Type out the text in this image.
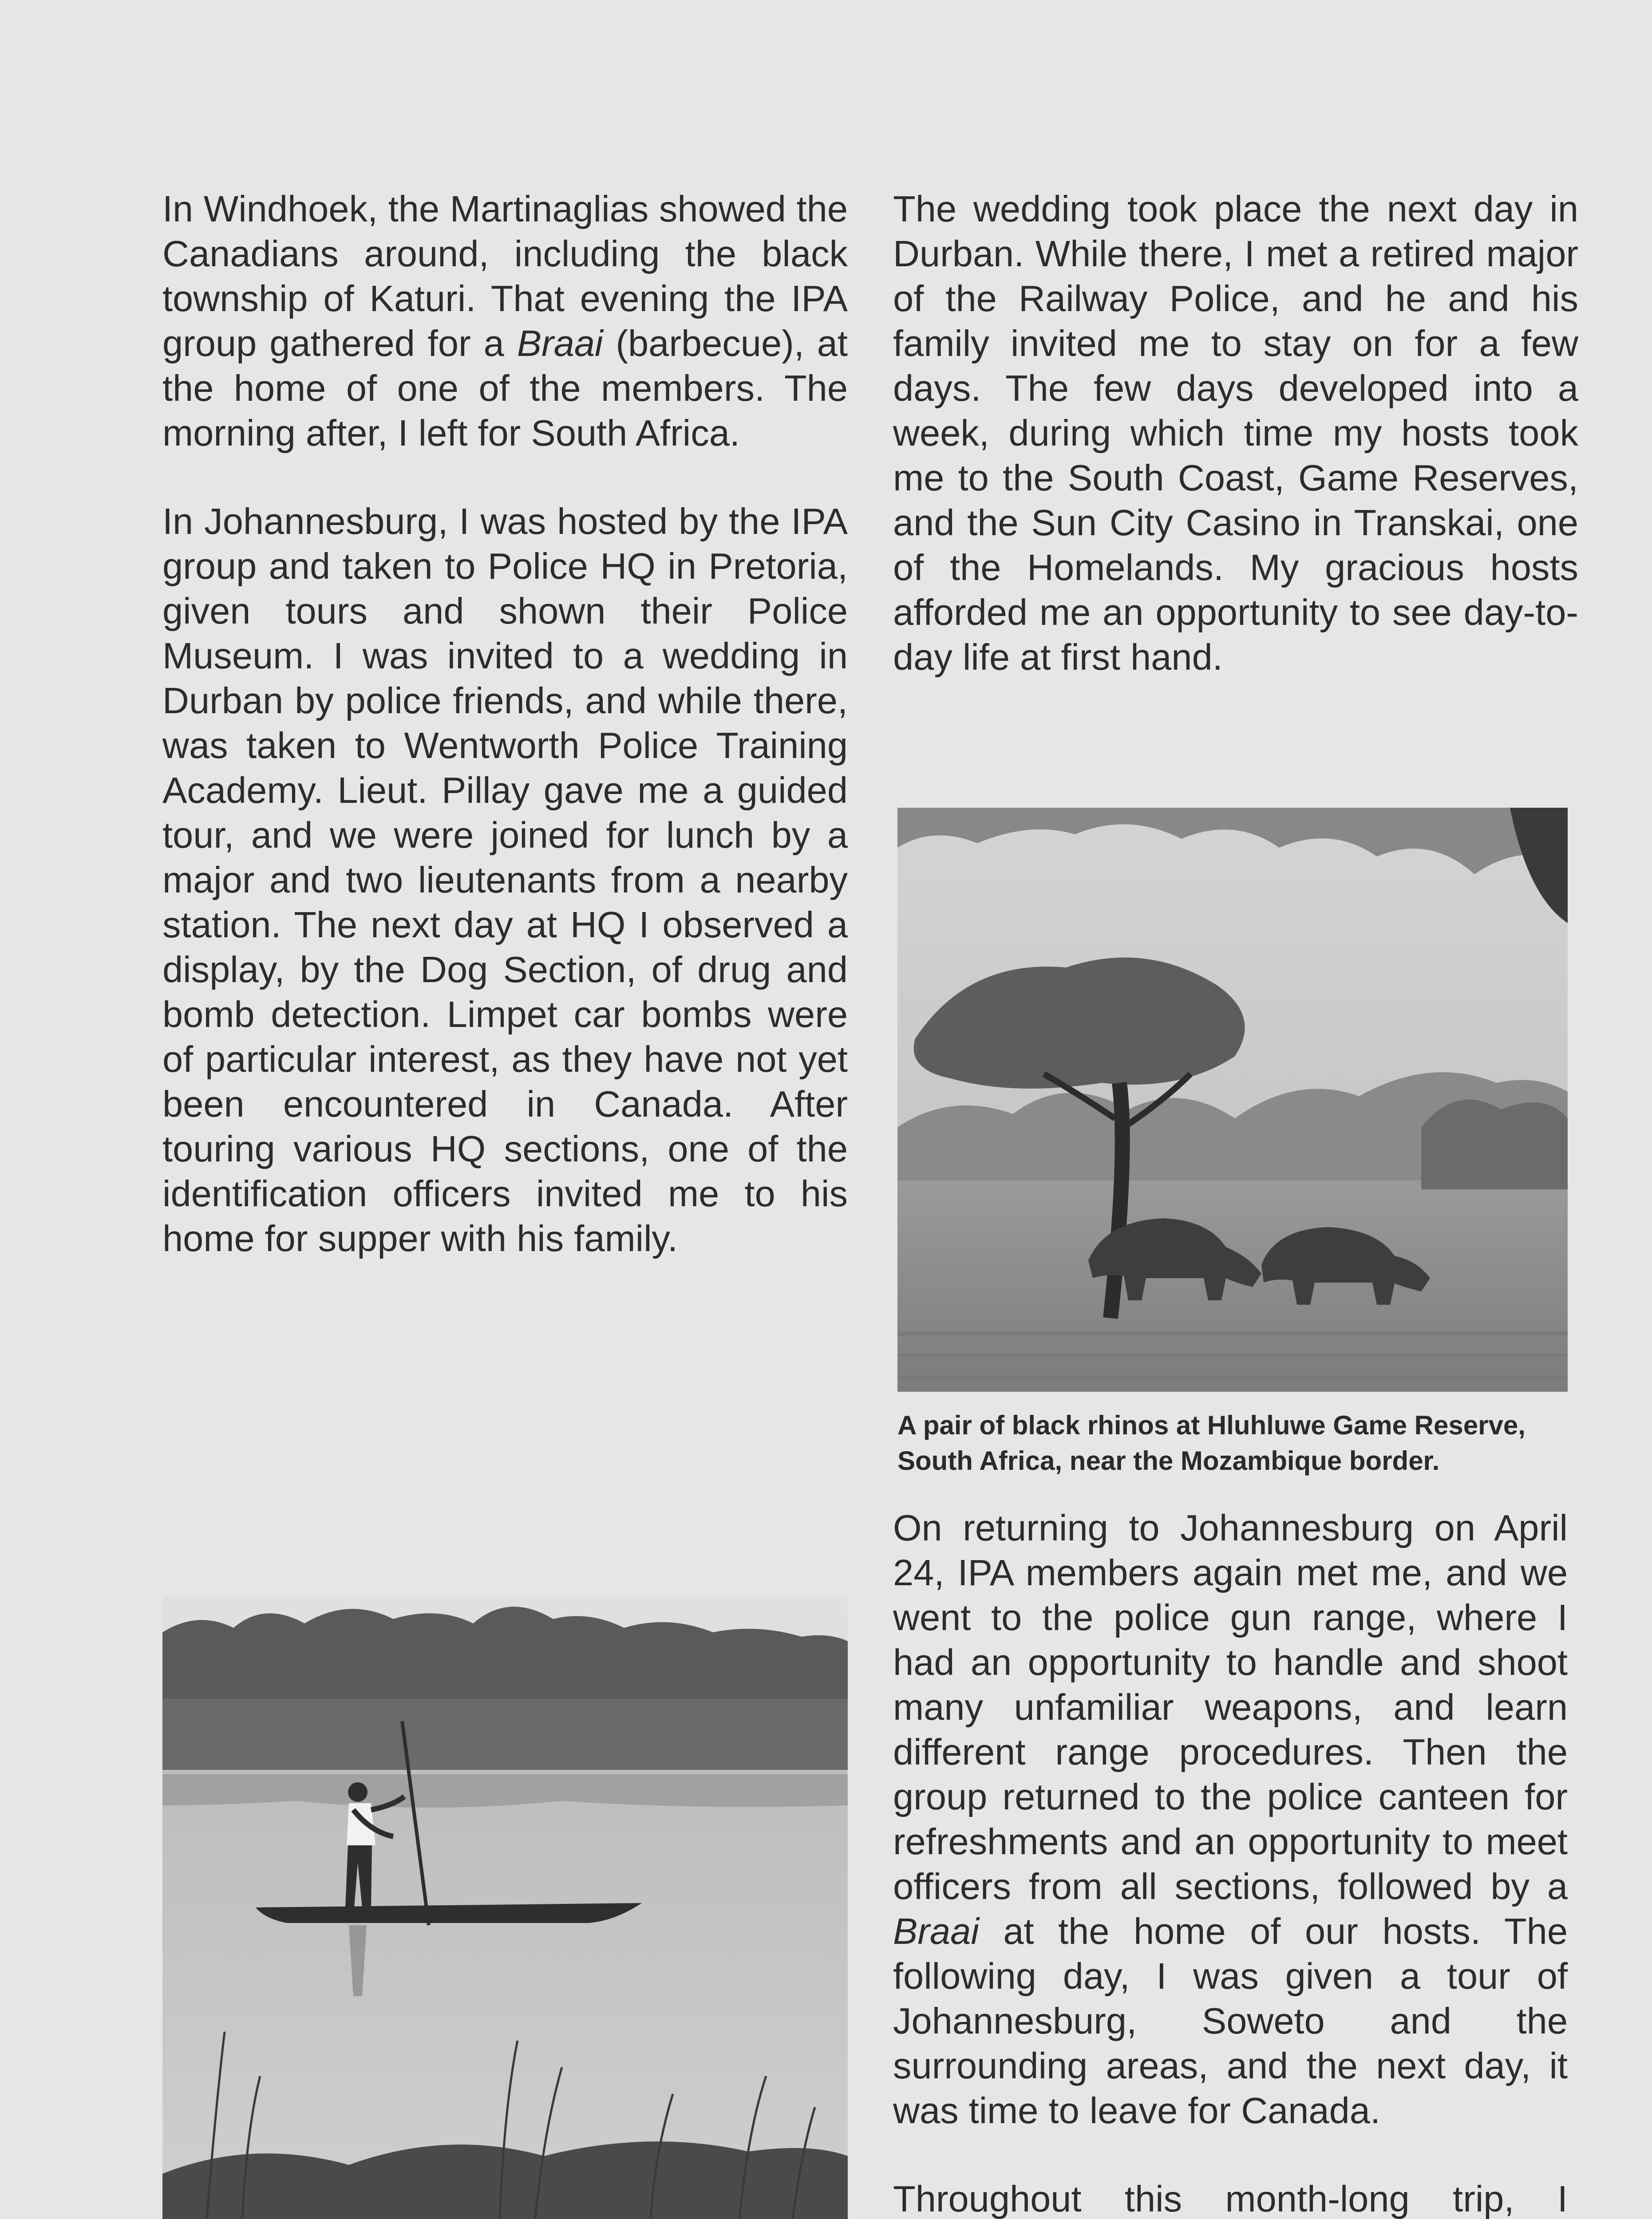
In Windhoek, the Martinaglias showed the Canadians around, including the black township of Katuri. That evening the IPA group gathered for a Braai (barbecue), at the home of one of the members. The morning after, I left for South Africa.

In Johannesburg, I was hosted by the IPA group and taken to Police HQ in Pretoria, given tours and shown their Police Museum. I was invited to a wedding in Durban by police friends, and while there, was taken to Wentworth Police Training Academy. Lieut. Pillay gave me a guided tour, and we were joined for lunch by a major and two lieutenants from a nearby station. The next day at HQ I observed a display, by the Dog Section, of drug and bomb detection. Limpet car bombs were of particular interest, as they have not yet been encountered in Canada. After touring various HQ sections, one of the identification officers invited me to his home for supper with his family.

The wedding took place the next day in Durban. While there, I met a retired major of the Railway Police, and he and his family invited me to stay on for a few days. The few days developed into a week, during which time my hosts took me to the South Coast, Game Reserves, and the Sun City Casino in Transkai, one of the Homelands. My gracious hosts afforded me an opportunity to see day-to-day life at first hand.

A pair of black rhinos at Hluhluwe Game Reserve, South Africa, near the Mozambique border.

On returning to Johannesburg on April 24, IPA members again met me, and we went to the police gun range, where I had an opportunity to handle and shoot many unfamiliar weapons, and learn different range procedures. Then the group returned to the police canteen for refreshments and an opportunity to meet officers from all sections, followed by a Braai at the home of our hosts. The following day, I was given a tour of Johannesburg, Soweto and the surrounding areas, and the next day, it was time to leave for Canada.

Throughout this month-long trip, I
